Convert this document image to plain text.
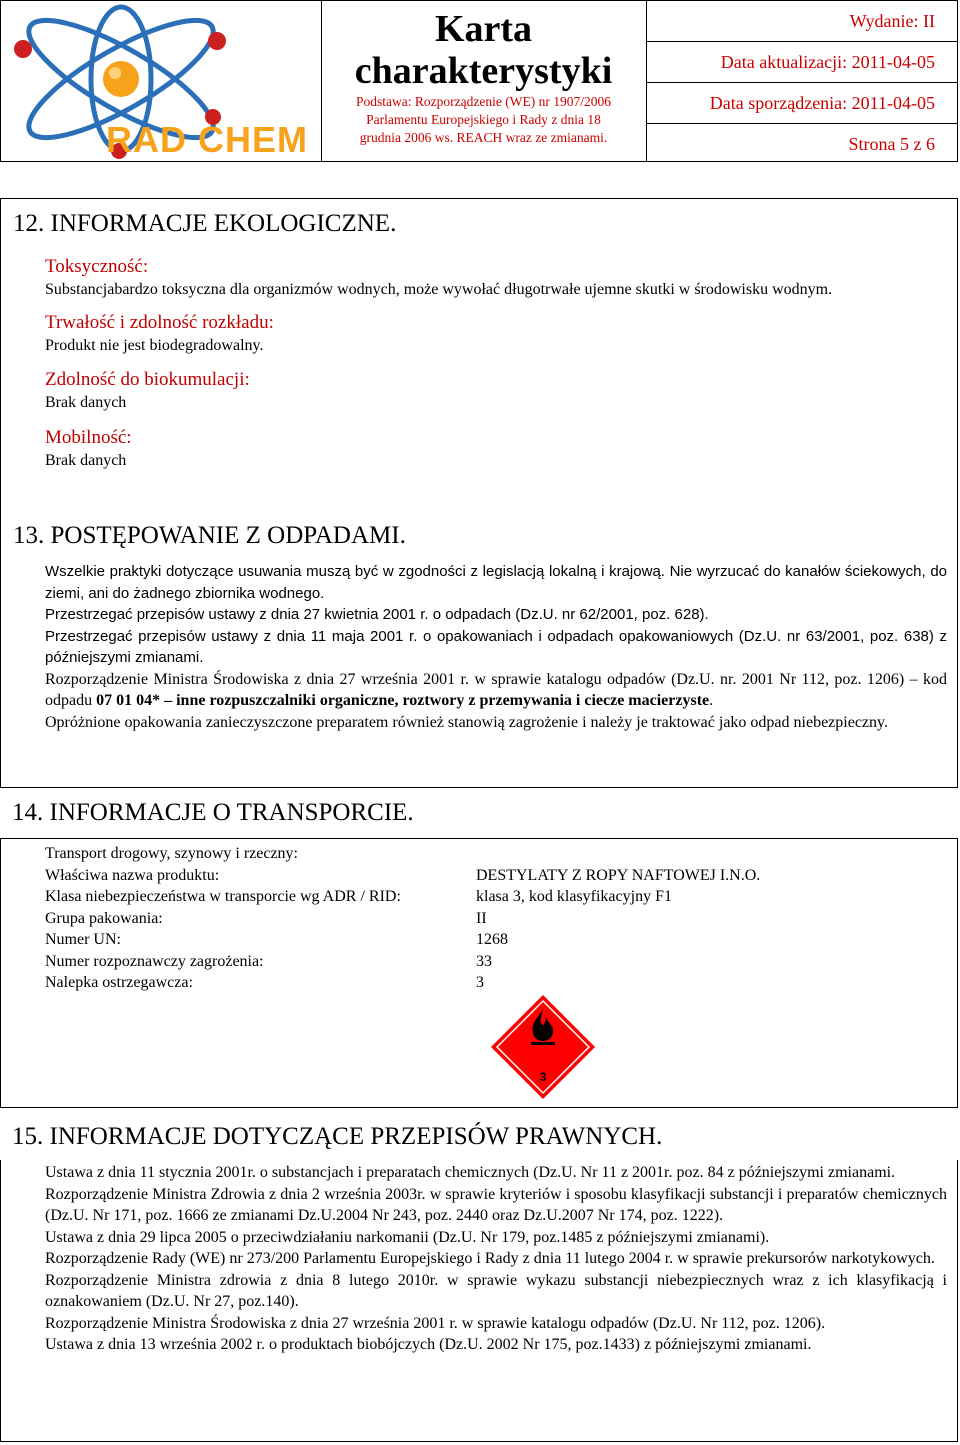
RAD CHEM
Karta
charakterystyki
Podstawa: Rozporządzenie (WE) nr 1907/2006
Parlamentu Europejskiego i Rady z dnia 18
grudnia 2006 ws. REACH wraz ze zmianami.
Wydanie: II
Data aktualizacji: 2011-04-05
Data sporządzenia: 2011-04-05
Strona 5 z 6
12. INFORMACJE EKOLOGICZNE.
Toksyczność:

Substancjabardzo toksyczna dla organizmów wodnych, może wywołać długotrwałe ujemne skutki w środowisku wodnym.

Trwałość i zdolność rozkładu:

Produkt nie jest biodegradowalny.

Zdolność do biokumulacji:

Brak danych

Mobilność:

Brak danych

13. POSTĘPOWANIE Z ODPADAMI.

Wszelkie praktyki dotyczące usuwania muszą być w zgodności z legislacją lokalną i krajową. Nie wyrzucać do kanałów ściekowych, do ziemi, ani do żadnego zbiornika wodnego.

Przestrzegać przepisów ustawy z dnia 27 kwietnia 2001 r. o odpadach (Dz.U. nr 62/2001, poz. 628).

Przestrzegać przepisów ustawy z dnia 11 maja 2001 r. o opakowaniach i odpadach opakowaniowych (Dz.U. nr 63/2001, poz. 638) z późniejszymi zmianami.

Rozporządzenie Ministra Środowiska z dnia 27 września 2001 r. w sprawie katalogu odpadów (Dz.U. nr. 2001 Nr 112, poz. 1206) – kod odpadu 07 01 04* – inne rozpuszczalniki organiczne, roztwory z przemywania i ciecze macierzyste.

Opróżnione opakowania zanieczyszczone preparatem również stanowią zagrożenie i należy je traktować jako odpad niebezpieczny.

14. INFORMACJE O TRANSPORCIE.

Transport drogowy, szynowy i rzeczny:

Właściwa nazwa produktu:	DESTYLATY Z ROPY NAFTOWEJ I.N.O.
Klasa niebezpieczeństwa w transporcie wg ADR / RID:	klasa 3, kod klasyfikacyjny F1
Grupa pakowania:	II
Numer UN:	1268
Numer rozpoznawczy zagrożenia:	33
Nalepka ostrzegawcza:	3
3
15. INFORMACJE DOTYCZĄCE PRZEPISÓW PRAWNYCH.

Ustawa z dnia 11 stycznia 2001r. o substancjach i preparatach chemicznych (Dz.U. Nr 11 z 2001r. poz. 84 z późniejszymi zmianami.

Rozporządzenie Ministra Zdrowia z dnia 2 września 2003r. w sprawie kryteriów i sposobu klasyfikacji substancji i preparatów chemicznych (Dz.U. Nr 171, poz. 1666 ze zmianami Dz.U.2004 Nr 243, poz. 2440 oraz Dz.U.2007 Nr 174, poz. 1222).

Ustawa z dnia 29 lipca 2005 o przeciwdziałaniu narkomanii (Dz.U. Nr 179, poz.1485 z późniejszymi zmianami).

Rozporządzenie Rady (WE) nr 273/200 Parlamentu Europejskiego i Rady z dnia 11 lutego 2004 r. w sprawie prekursorów narkotykowych.

Rozporządzenie Ministra zdrowia z dnia 8 lutego 2010r. w sprawie wykazu substancji niebezpiecznych wraz z ich klasyfikacją i oznakowaniem (Dz.U. Nr 27, poz.140).

Rozporządzenie Ministra Środowiska z dnia 27 września 2001 r. w sprawie katalogu odpadów (Dz.U. Nr 112, poz. 1206).

Ustawa z dnia 13 września 2002 r. o produktach biobójczych (Dz.U. 2002 Nr 175, poz.1433) z późniejszymi zmianami.
